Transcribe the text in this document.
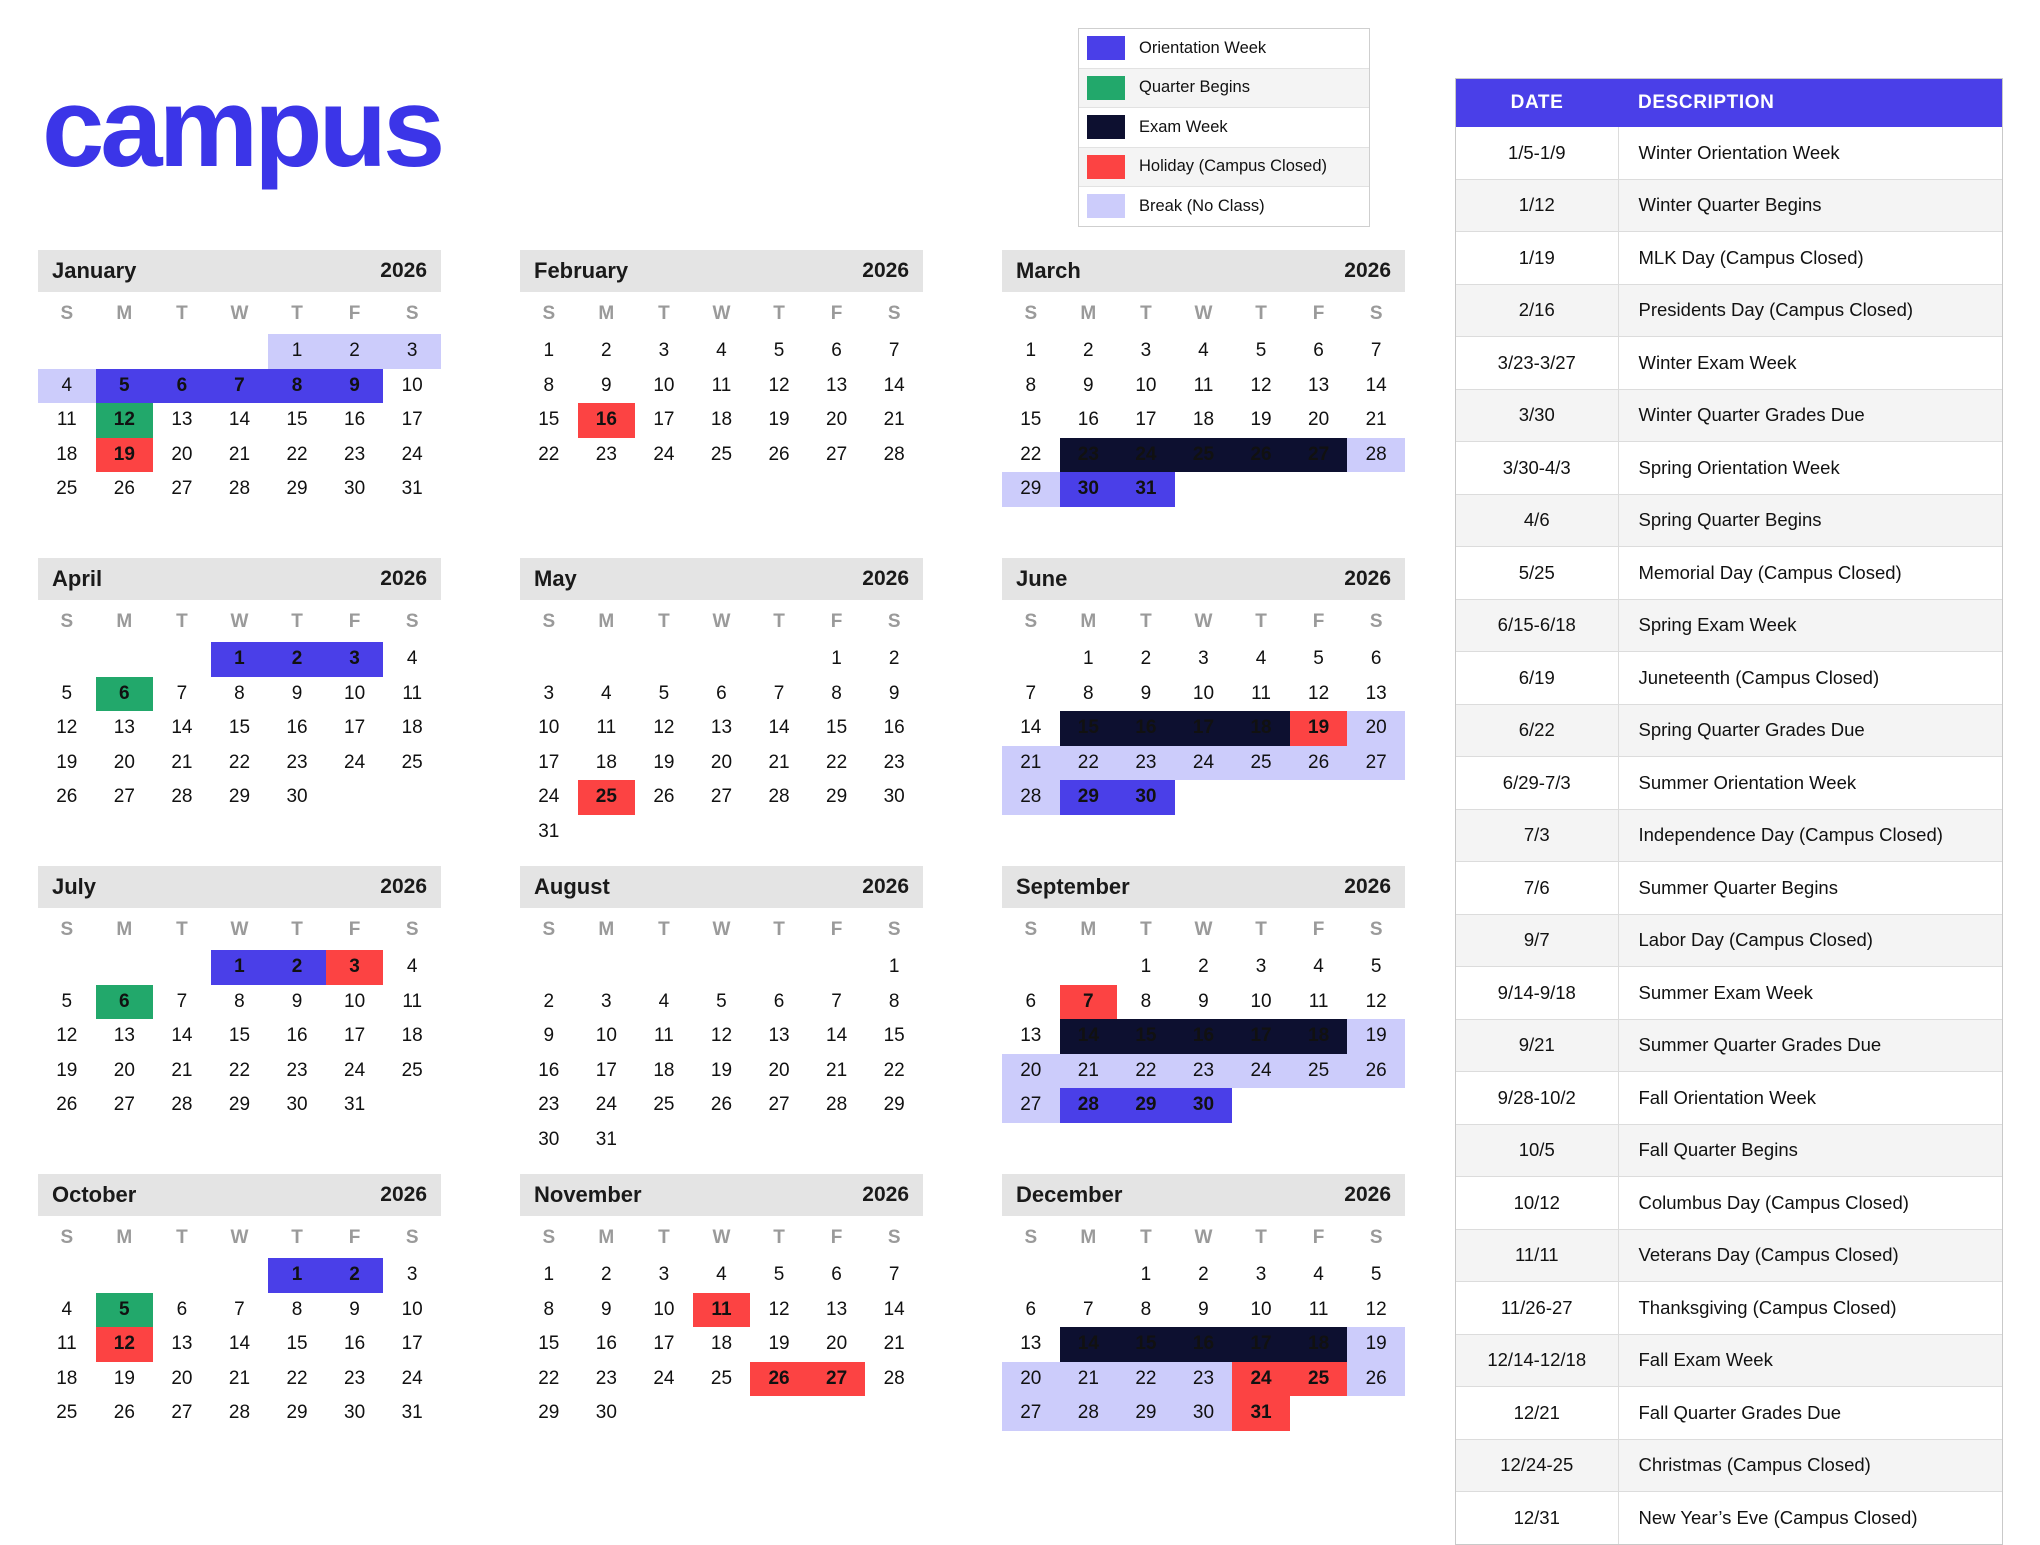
campus
Orientation Week
Quarter Begins
Exam Week
Holiday (Campus Closed)
Break (No Class)
January	2026
S	M	T	W	T	F	S
				1	2	3
4	5	6	7	8	9	10
11	12	13	14	15	16	17
18	19	20	21	22	23	24
25	26	27	28	29	30	31
February	2026
S	M	T	W	T	F	S
1	2	3	4	5	6	7
8	9	10	11	12	13	14
15	16	17	18	19	20	21
22	23	24	25	26	27	28
March	2026
S	M	T	W	T	F	S
1	2	3	4	5	6	7
8	9	10	11	12	13	14
15	16	17	18	19	20	21
22	23	24	25	26	27	28
29	30	31				
April	2026
S	M	T	W	T	F	S
			1	2	3	4
5	6	7	8	9	10	11
12	13	14	15	16	17	18
19	20	21	22	23	24	25
26	27	28	29	30		
May	2026
S	M	T	W	T	F	S
					1	2
3	4	5	6	7	8	9
10	11	12	13	14	15	16
17	18	19	20	21	22	23
24	25	26	27	28	29	30
31						
June	2026
S	M	T	W	T	F	S
	1	2	3	4	5	6
7	8	9	10	11	12	13
14	15	16	17	18	19	20
21	22	23	24	25	26	27
28	29	30				
July	2026
S	M	T	W	T	F	S
			1	2	3	4
5	6	7	8	9	10	11
12	13	14	15	16	17	18
19	20	21	22	23	24	25
26	27	28	29	30	31	
August	2026
S	M	T	W	T	F	S
						1
2	3	4	5	6	7	8
9	10	11	12	13	14	15
16	17	18	19	20	21	22
23	24	25	26	27	28	29
30	31					
September	2026
S	M	T	W	T	F	S
		1	2	3	4	5
6	7	8	9	10	11	12
13	14	15	16	17	18	19
20	21	22	23	24	25	26
27	28	29	30			
October	2026
S	M	T	W	T	F	S
				1	2	3
4	5	6	7	8	9	10
11	12	13	14	15	16	17
18	19	20	21	22	23	24
25	26	27	28	29	30	31
November	2026
S	M	T	W	T	F	S
1	2	3	4	5	6	7
8	9	10	11	12	13	14
15	16	17	18	19	20	21
22	23	24	25	26	27	28
29	30					
December	2026
S	M	T	W	T	F	S
		1	2	3	4	5
6	7	8	9	10	11	12
13	14	15	16	17	18	19
20	21	22	23	24	25	26
27	28	29	30	31		
DATE	DESCRIPTION
1/5-1/9	Winter Orientation Week
1/12	Winter Quarter Begins
1/19	MLK Day (Campus Closed)
2/16	Presidents Day (Campus Closed)
3/23-3/27	Winter Exam Week
3/30	Winter Quarter Grades Due
3/30-4/3	Spring Orientation Week
4/6	Spring Quarter Begins
5/25	Memorial Day (Campus Closed)
6/15-6/18	Spring Exam Week
6/19	Juneteenth (Campus Closed)
6/22	Spring Quarter Grades Due
6/29-7/3	Summer Orientation Week
7/3	Independence Day (Campus Closed)
7/6	Summer Quarter Begins
9/7	Labor Day (Campus Closed)
9/14-9/18	Summer Exam Week
9/21	Summer Quarter Grades Due
9/28-10/2	Fall Orientation Week
10/5	Fall Quarter Begins
10/12	Columbus Day (Campus Closed)
11/11	Veterans Day (Campus Closed)
11/26-27	Thanksgiving (Campus Closed)
12/14-12/18	Fall Exam Week
12/21	Fall Quarter Grades Due
12/24-25	Christmas (Campus Closed)
12/31	New Year’s Eve (Campus Closed)
